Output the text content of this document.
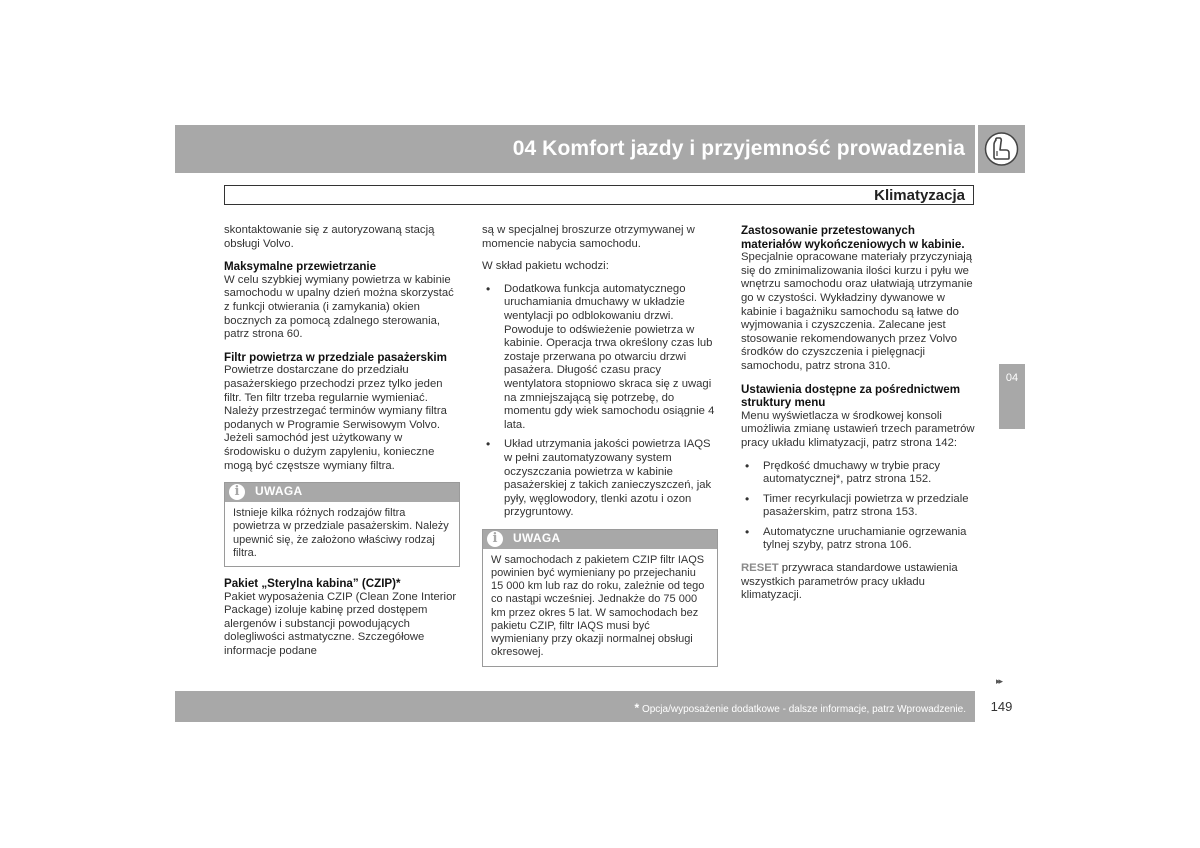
04 Komfort jazdy i przyjemność prowadzenia
Klimatyzacja

skontaktowanie się z autoryzowaną stacją obsługi Volvo.

Maksymalne przewietrzanie

W celu szybkiej wymiany powietrza w kabinie samochodu w upalny dzień można skorzystać z funkcji otwierania (i zamykania) okien bocznych za pomocą zdalnego sterowania, patrz strona 60.

Filtr powietrza w przedziale pasażerskim

Powietrze dostarczane do przedziału pasażerskiego przechodzi przez tylko jeden filtr. Ten filtr trzeba regularnie wymieniać. Należy przestrzegać terminów wymiany filtra podanych w Programie Serwisowym Volvo. Jeżeli samochód jest użytkowany w środowisku o dużym zapyleniu, konieczne mogą być częstsze wymiany filtra.

i	UWAGA
Istnieje kilka różnych rodzajów filtra powietrza w przedziale pasażerskim. Należy upewnić się, że założono właściwy rodzaj filtra.
Pakiet „Sterylna kabina” (CZIP)*

Pakiet wyposażenia CZIP (Clean Zone Interior Package) izoluje kabinę przed dostępem alergenów i substancji powodujących dolegliwości astmatyczne. Szczegółowe informacje podane

są w specjalnej broszurze otrzymywanej w momencie nabycia samochodu.

W skład pakietu wchodzi:

• Dodatkowa funkcja automatycznego uruchamiania dmuchawy w układzie wentylacji po odblokowaniu drzwi. Powoduje to odświeżenie powietrza w kabinie. Operacja trwa określony czas lub zostaje przerwana po otwarciu drzwi pasażera. Długość czasu pracy wentylatora stopniowo skraca się z uwagi na zmniejszającą się potrzebę, do momentu gdy wiek samochodu osiągnie 4 lata.
• Układ utrzymania jakości powietrza IAQS w pełni zautomatyzowany system oczyszczania powietrza w kabinie pasażerskiej z takich zanieczyszczeń, jak pyły, węglowodory, tlenki azotu i ozon przygruntowy.
i	UWAGA
W samochodach z pakietem CZIP filtr IAQS powinien być wymieniany po przejechaniu 15 000 km lub raz do roku, zależnie od tego co nastąpi wcześniej. Jednakże do 75 000 km przez okres 5 lat. W samochodach bez pakietu CZIP, filtr IAQS musi być wymieniany przy okazji normalnej obsługi okresowej.
Zastosowanie przetestowanych materiałów wykończeniowych w kabinie.

Specjalnie opracowane materiały przyczyniają się do zminimalizowania ilości kurzu i pyłu we wnętrzu samochodu oraz ułatwiają utrzymanie go w czystości. Wykładziny dywanowe w kabinie i bagażniku samochodu są łatwe do wyjmowania i czyszczenia. Zalecane jest stosowanie rekomendowanych przez Volvo środków do czyszczenia i pielęgnacji samochodu, patrz strona 310.

Ustawienia dostępne za pośrednictwem struktury menu

Menu wyświetlacza w środkowej konsoli umożliwia zmianę ustawień trzech parametrów pracy układu klimatyzacji, patrz strona 142:

• Prędkość dmuchawy w trybie pracy automatycznej*, patrz strona 152.
• Timer recyrkulacji powietrza w przedziale pasażerskim, patrz strona 153.
• Automatyczne uruchamianie ogrzewania tylnej szyby, patrz strona 106.

RESET przywraca standardowe ustawienia wszystkich parametrów pracy układu klimatyzacji.

04
▸▸
* Opcja/wyposażenie dodatkowe - dalsze informacje, patrz Wprowadzenie.	149
